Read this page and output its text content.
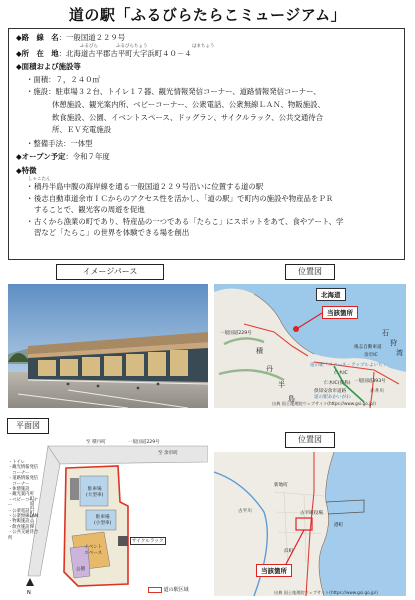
道の駅「ふるびらたらこミュージアム」
◆路　線　名 ：一般国道２２９号
ふるびら	ふるびらちょう	はまちょう
◆所　在　地 ：北海道古平郡古平町大字浜町４０－４
◆面積および施設等
・面積：７，２４０㎡
・施設：駐車場３２台、トイレ１７器、観光情報発信コーナー、道路情報発信コーナー、
休憩施設、観光案内所、ベビーコーナー、公衆電話、公衆無線ＬＡＮ、物販施設、
飲食施設、公園、イベントスペース、ドッグラン、サイクルラック、公共交通待合
所、ＥＶ充電施設
・整備手法：一体型
◆オープン予定 ：令和７年度
◆特徴
しゃこたん
・積丹半島中腹の海岸線を通る一般国道２２９号沿いに位置する道の駅
・後志自動車道余市ＩＣからのアクセス性を活かし、「道の駅」で町内の施設や物産品をＰＲ
することで、観光客の周遊を促進
・古くから漁業の町であり、特産品の一つである「たらこ」にスポットをあて、食やアート、学
習など「たらこ」の世界を体験できる場を創出
イメージパース	位置図
平面図
位置図
北海道
当該箇所
一般国道229号
積
丹
半
島
後志自動車道
余市IC
仁木IC
道の駅「スペース・アップルよいち」
一般国道393号
仁木IC(仮称)
赤井川
倶知安余市道路
道の駅あかいがわ
石
狩
湾
出典 国土地理院ウェブサイト(https://www.gsi.go.jp/)
N
至 積丹町
至 余市町
一般国道229号
町道浜町中央線
・トイレ
・観光情報発信
　コーナー
・道路情報発信
　コーナー
・休憩施設
・観光案内所
・ベビーコーナー
・公衆電話
・公衆無線LAN
・物販施設
・飲食施設
・公共交通待合所
駐車場
(大型車)
駐車場
(小型車)
サイクルラック
イベント
スペース
公園
道の駅区域
当該箇所
古平町役場
古平川
浜町
港町
新地町
出典 国土地理院ウェブサイト(https://www.gsi.go.jp/)
